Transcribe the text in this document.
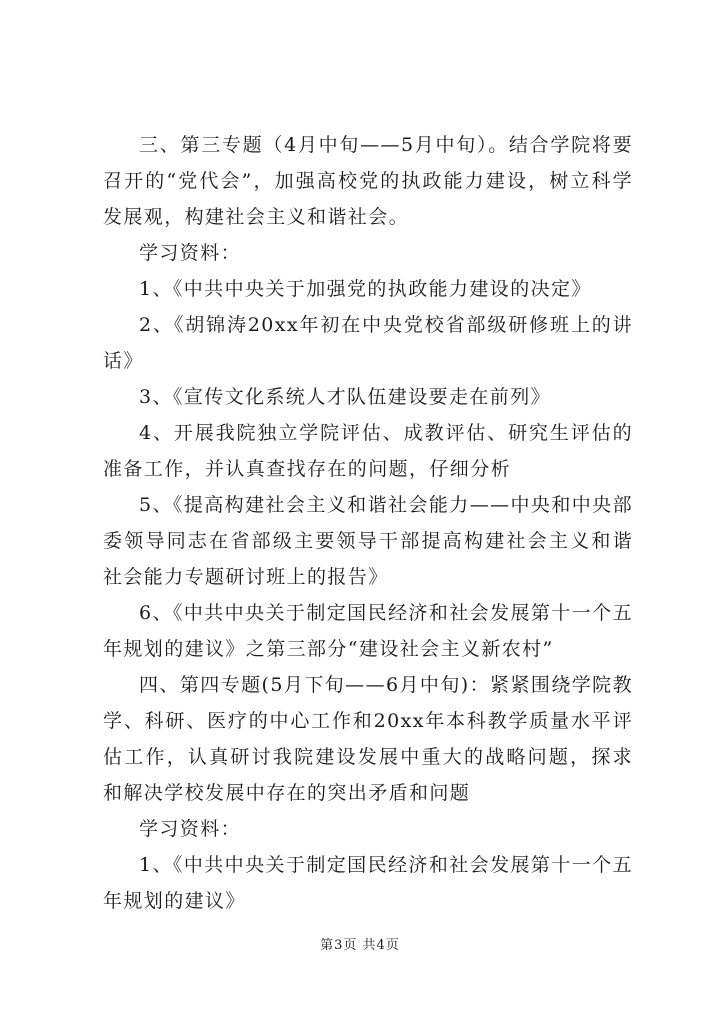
三、第三专题（4月中旬——5月中旬）。结合学院将要召开的“党代会”，加强高校党的执政能力建设，树立科学发展观，构建社会主义和谐社会。

学习资料：

1、《中共中央关于加强党的执政能力建设的决定》

2、《胡锦涛20xx年初在中央党校省部级研修班上的讲话》

3、《宣传文化系统人才队伍建设要走在前列》

4、开展我院独立学院评估、成教评估、研究生评估的准备工作，并认真查找存在的问题，仔细分析

5、《提高构建社会主义和谐社会能力——中央和中央部委领导同志在省部级主要领导干部提高构建社会主义和谐社会能力专题研讨班上的报告》

6、《中共中央关于制定国民经济和社会发展第十一个五年规划的建议》之第三部分“建设社会主义新农村”

四、第四专题(5月下旬——6月中旬)：紧紧围绕学院教学、科研、医疗的中心工作和20xx年本科教学质量水平评估工作，认真研讨我院建设发展中重大的战略问题，探求和解决学校发展中存在的突出矛盾和问题

学习资料：

1、《中共中央关于制定国民经济和社会发展第十一个五年规划的建议》

第3页 共4页
